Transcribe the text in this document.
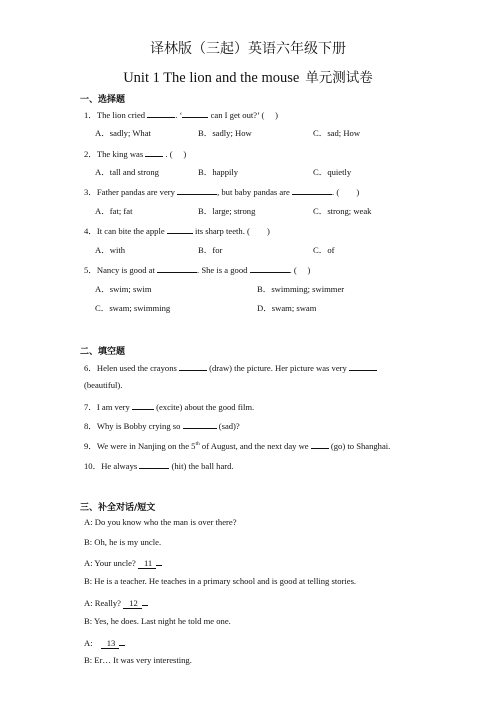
译林版（三起）英语六年级下册
Unit 1 The lion and the mouse 单元测试卷
一、选择题
1．The lion cried	. ‘	can I get out?’ (　 )
A．sadly; What	B．sadly; How	C．sad; How
2．The king was  . (　 )
A．tall and strong	B．happily	C．quietly
3．Father pandas are very	, but baby pandas are	. (　　)
A．fat; fat	B．large; strong	C．strong; weak
4．It can bite the apple	its sharp teeth. (　　)
A．with	B．for	C．of
5．Nancy is good at	. She is a good	. (　 )
A．swim; swim	B．swimming; swimmer
C．swam; swimming	D．swam; swam
二、填空题
6．Helen used the crayons	(draw) the picture. Her picture was very
(beautiful).
7．I am very	(excite) about the good film.
8．Why is Bobby crying so	(sad)?
9．We were in Nanjing on the 5th of August, and the next day we  (go) to Shanghai.
10．He always	(hit) the ball hard.
三、补全对话/短文
A: Do you know who the man is over there?
B: Oh, he is my uncle.
A: Your uncle? 11
B: He is a teacher. He teaches in a primary school and is good at telling stories.
A: Really? 12
B: Yes, he does. Last night he told me one.
A: 13
B: Er… It was very interesting.
